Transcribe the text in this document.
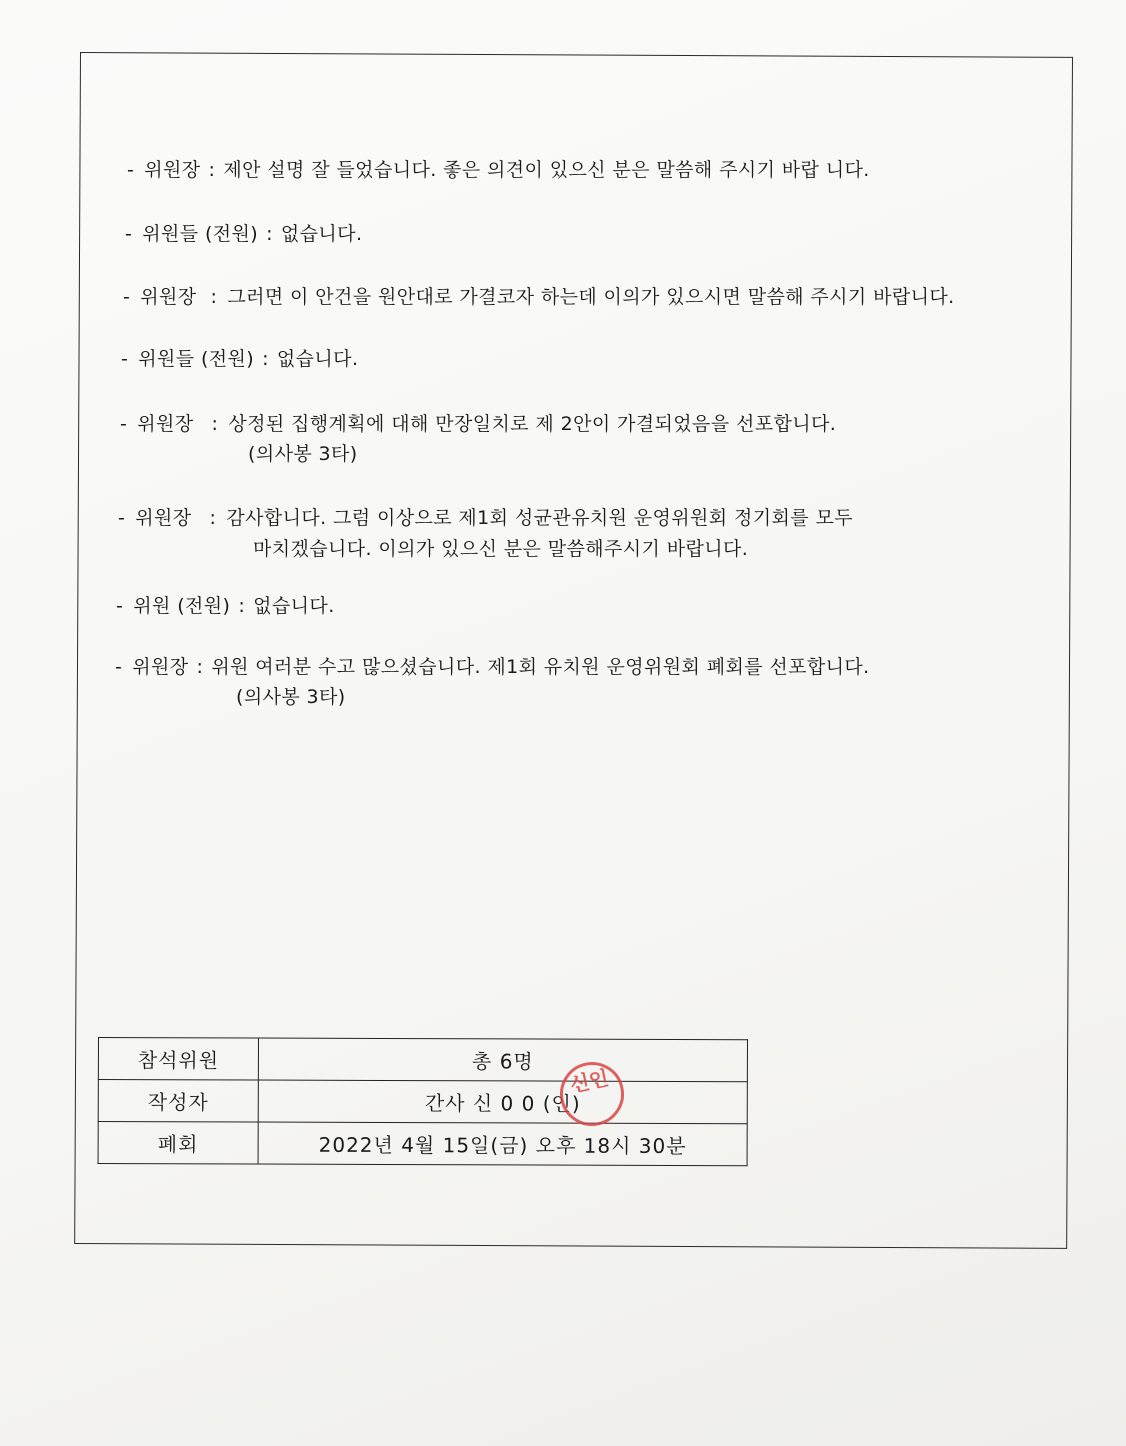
- 위원장 : 제안 설명 잘 들었습니다. 좋은 의견이 있으신 분은 말씀해 주시기 바랍 니다.
- 위원들 (전원) : 없습니다.
- 위원장 : 그러면 이 안건을 원안대로 가결코자 하는데 이의가 있으시면 말씀해 주시기 바랍니다.
- 위원들 (전원) : 없습니다.
- 위원장 : 상정된 집행계획에 대해 만장일치로 제 2안이 가결되었음을 선포합니다.
(의사봉 3타)
- 위원장 : 감사합니다. 그럼 이상으로 제1회 성균관유치원 운영위원회 정기회를 모두
마치겠습니다. 이의가 있으신 분은 말씀해주시기 바랍니다.
- 위원 (전원) : 없습니다.
- 위원장 : 위원 여러분 수고 많으셨습니다. 제1회 유치원 운영위원회 폐회를 선포합니다.
(의사봉 3타)
참석위원	총 6명
작성자	간사 신 0 0 (인)
폐회	2022년 4월 15일(금) 오후 18시 30분
신인
